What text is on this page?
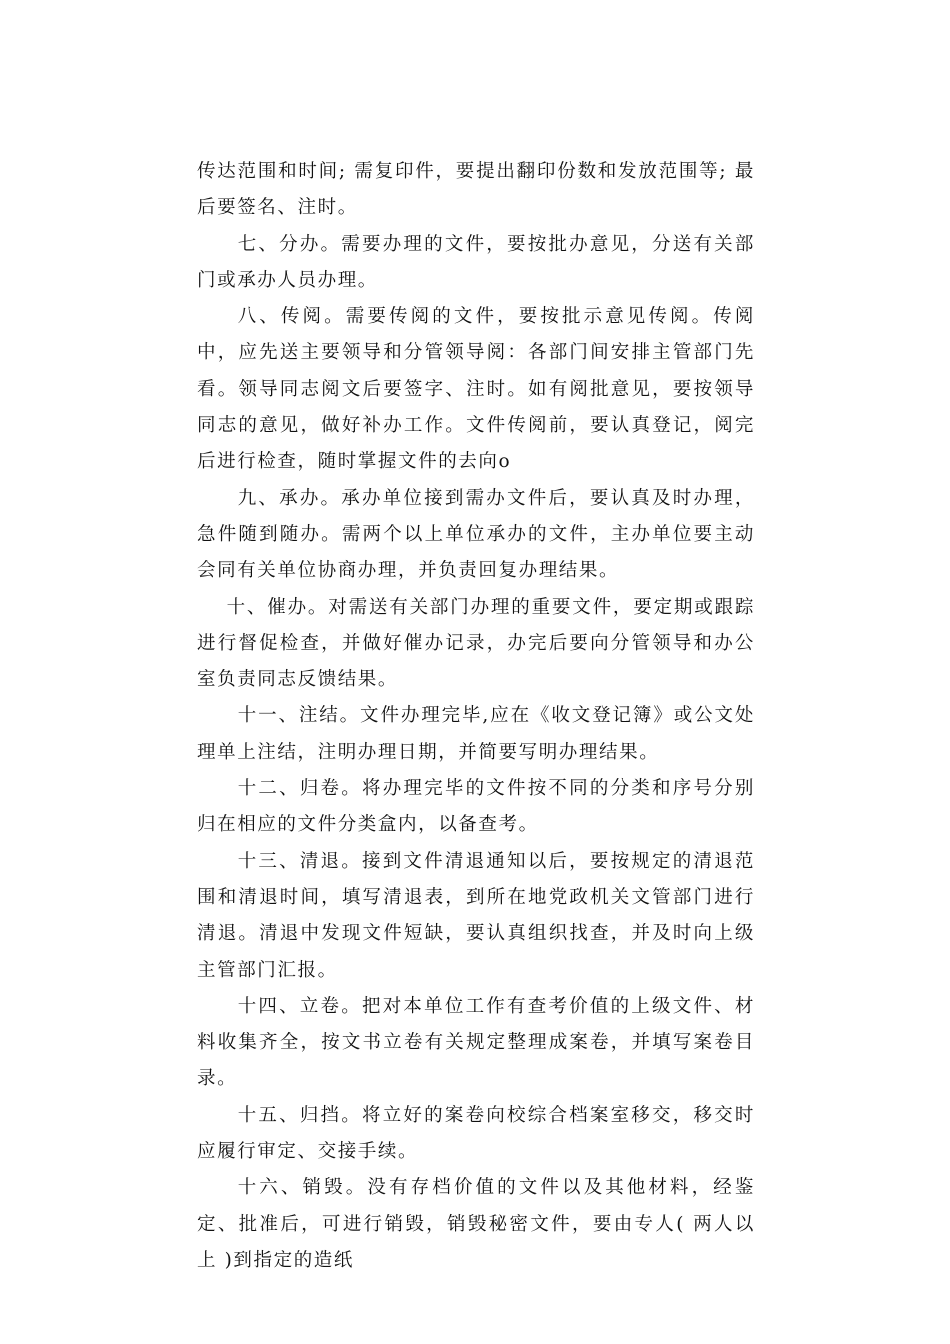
传达范围和时间; 需复印件，要提出翻印份数和发放范围等; 最后要签名、注时。

七、分办。需要办理的文件，要按批办意见，分送有关部门或承办人员办理。

八、传阅。需要传阅的文件，要按批示意见传阅。传阅中，应先送主要领导和分管领导阅：各部门间安排主管部门先看。领导同志阅文后要签字、注时。如有阅批意见，要按领导同志的意见，做好补办工作。文件传阅前，要认真登记，阅完后进行检查，随时掌握文件的去向o

九、承办。承办单位接到需办文件后，要认真及时办理，急件随到随办。需两个以上单位承办的文件，主办单位要主动会同有关单位协商办理，并负责回复办理结果。

十、催办。对需送有关部门办理的重要文件，要定期或跟踪进行督促检查，并做好催办记录，办完后要向分管领导和办公室负责同志反馈结果。

十一、注结。文件办理完毕,应在《收文登记簿》或公文处理单上注结，注明办理日期，并简要写明办理结果。

十二、归卷。将办理完毕的文件按不同的分类和序号分别归在相应的文件分类盒内，以备查考。

十三、清退。接到文件清退通知以后，要按规定的清退范围和清退时间，填写清退表，到所在地党政机关文管部门进行清退。清退中发现文件短缺，要认真组织找查，并及时向上级主管部门汇报。

十四、立卷。把对本单位工作有查考价值的上级文件、材料收集齐全，按文书立卷有关规定整理成案卷，并填写案卷目录。

十五、归挡。将立好的案卷向校综合档案室移交，移交时应履行审定、交接手续。

十六、销毁。没有存档价值的文件以及其他材料，经鉴定、批准后，可进行销毁，销毁秘密文件，要由专人( 两人以上 )到指定的造纸
